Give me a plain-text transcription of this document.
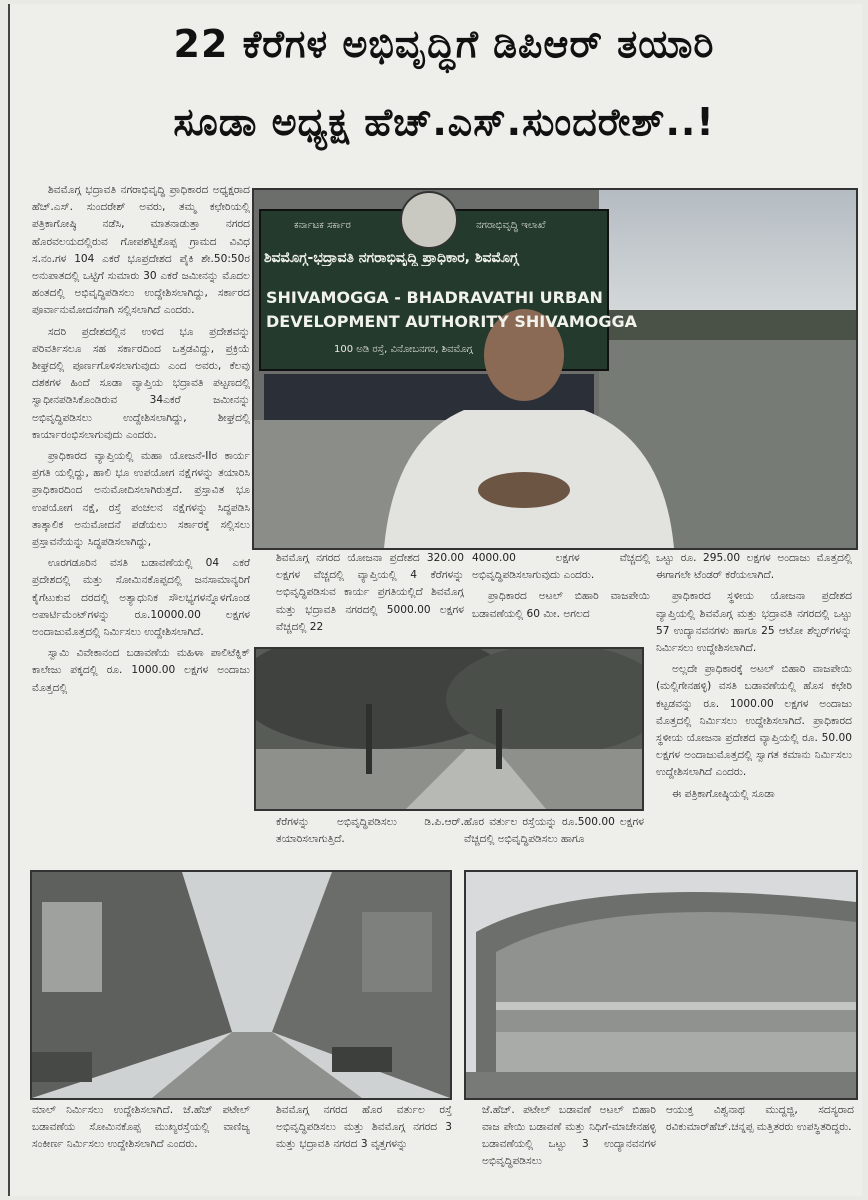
22 ಕೆರೆಗಳ ಅಭಿವೃದ್ಧಿಗೆ ಡಿಪಿಆರ್ ತಯಾರಿ
ಸೂಡಾ ಅಧ್ಯಕ್ಷ ಹೆಚ್.ಎಸ್.ಸುಂದರೇಶ್..!

ಶಿವಮೊಗ್ಗ ಭದ್ರಾವತಿ ನಗರಾಭಿವೃದ್ಧಿ ಪ್ರಾಧಿಕಾರದ ಅಧ್ಯಕ್ಷರಾದ ಹೆಚ್.ಎಸ್. ಸುಂದರೇಶ್ ಅವರು, ತಮ್ಮ ಕಛೇರಿಯಲ್ಲಿ ಪತ್ರಿಕಾಗೋಷ್ಠಿ ನಡೆಸಿ, ಮಾತನಾಡುತ್ತಾ ನಗರದ ಹೊರವಲಯದಲ್ಲಿರುವ ಗೋಪಶೆಟ್ಟಿಕೊಪ್ಪ ಗ್ರಾಮದ ವಿವಿಧ ಸ.ನಂ.ಗಳ 104 ಎಕರೆ ಭೂಪ್ರದೇಶದ ಪೈಕಿ ಶೇ.50:50ರ ಅನುಪಾತದಲ್ಲಿ ಒಟ್ಟಿಗೆ ಸುಮಾರು 30 ಎಕರೆ ಜಮೀನನ್ನು ಮೊದಲ ಹಂತದಲ್ಲಿ ಅಭಿವೃದ್ಧಿಪಡಿಸಲು ಉದ್ದೇಶಿಸಲಾಗಿದ್ದು, ಸರ್ಕಾರದ ಪೂರ್ವಾನುಮೋದನೆಗಾಗಿ ಸಲ್ಲಿಸಲಾಗಿದೆ ಎಂದರು.

ಸದರಿ ಪ್ರದೇಶದಲ್ಲಿನ ಉಳಿದ ಭೂ ಪ್ರದೇಶವನ್ನು ಪರಿವರ್ತಿಸಲೂ ಸಹ ಸರ್ಕಾರದಿಂದ ಒತ್ತಡವಿದ್ದು, ಪ್ರಕ್ರಿಯೆ ಶೀಘ್ರದಲ್ಲಿ ಪೂರ್ಣಗೊಳಿಸಲಾಗುವುದು ಎಂದ ಅವರು, ಕೆಲವು ದಶಕಗಳ ಹಿಂದೆ ಸೂಡಾ ವ್ಯಾಪ್ತಿಯ ಭದ್ರಾವತಿ ಪಟ್ಟಣದಲ್ಲಿ ಸ್ವಾಧೀನಪಡಿಸಿಕೊಂಡಿರುವ 34ಎಕರೆ ಜಮೀನನ್ನು ಅಭಿವೃದ್ಧಿಪಡಿಸಲು ಉದ್ದೇಶಿಸಲಾಗಿದ್ದು, ಶೀಘ್ರದಲ್ಲಿ ಕಾರ್ಯಾರಂಭಿಸಲಾಗುವುದು ಎಂದರು.

ಪ್ರಾಧಿಕಾರದ ವ್ಯಾಪ್ತಿಯಲ್ಲಿ ಮಹಾ ಯೋಜನೆ-IIರ ಕಾರ್ಯ ಪ್ರಗತಿ ಯಲ್ಲಿದ್ದು, ಹಾಲಿ ಭೂ ಉಪಯೋಗ ನಕ್ಷೆಗಳನ್ನು ತಯಾರಿಸಿ ಪ್ರಾಧಿಕಾರದಿಂದ ಅನುಮೋದಿಸಲಾಗಿರುತ್ತದೆ. ಪ್ರಸ್ತಾವಿತ ಭೂ ಉಪಯೋಗ ನಕ್ಷೆ, ರಸ್ತೆ ಪಂಚಲನ ನಕ್ಷೆಗಳನ್ನು ಸಿದ್ಧಪಡಿಸಿ ತಾತ್ಕಾಲಿಕ ಅನುಮೋದನೆ ಪಡೆಯಲು ಸರ್ಕಾರಕ್ಕೆ ಸಲ್ಲಿಸಲು ಪ್ರಸ್ತಾವನೆಯನ್ನು ಸಿದ್ಧಪಡಿಸಲಾಗಿದ್ದು,

ಊರಗಡೂರಿನ ವಸತಿ ಬಡಾವಣೆಯಲ್ಲಿ 04 ಎಕರೆ ಪ್ರದೇಶದಲ್ಲಿ ಮತ್ತು ಸೋಮಿನಕೊಪ್ಪದಲ್ಲಿ ಜನಸಾಮಾನ್ಯರಿಗೆ ಕೈಗೆಟುಕುವ ದರದಲ್ಲಿ ಅತ್ಯಾಧುನಿಕ ಸೌಲಭ್ಯಗಳನ್ನೊಳಗೊಂಡ ಅಪಾರ್ಟಿಮೆಂಟ್‌ಗಳನ್ನು ರೂ.10000.00 ಲಕ್ಷಗಳ ಅಂದಾಜುಮೊತ್ತದಲ್ಲಿ ನಿರ್ಮಿಸಲು ಉದ್ದೇಶಿಸಲಾಗಿದೆ.

ಸ್ವಾಮಿ ವಿವೇಕಾನಂದ ಬಡಾವಣೆಯ ಮಹಿಳಾ ಪಾಲಿಟೆಕ್ನಿಕ್ ಕಾಲೇಜು ಪಕ್ಕದಲ್ಲಿ ರೂ. 1000.00 ಲಕ್ಷಗಳ ಅಂದಾಜು ಮೊತ್ತದಲ್ಲಿ

ಕರ್ನಾಟಕ ಸರ್ಕಾರ	ನಗರಾಭಿವೃದ್ಧಿ ಇಲಾಖೆ
ಶಿವಮೊಗ್ಗ-ಭದ್ರಾವತಿ ನಗರಾಭಿವೃದ್ಧಿ ಪ್ರಾಧಿಕಾರ, ಶಿವಮೊಗ್ಗ
SHIVAMOGGA - BHADRAVATHI URBAN
DEVELOPMENT AUTHORITY SHIVAMOGGA
100 ಅಡಿ ರಸ್ತೆ, ವಿನೋಬನಗರ, ಶಿವಮೊಗ್ಗ

ಶಿವಮೊಗ್ಗ ನಗರದ ಯೋಜನಾ ಪ್ರದೇಶದ 320.00 ಲಕ್ಷಗಳ ವೆಚ್ಚದಲ್ಲಿ ವ್ಯಾಪ್ತಿಯಲ್ಲಿ 4 ಕೆರೆಗಳನ್ನು ಅಭಿವೃದ್ಧಿಪಡಿಸುವ ಕಾರ್ಯ ಪ್ರಗತಿಯಲ್ಲಿದೆ ಶಿವಮೊಗ್ಗ ಮತ್ತು ಭದ್ರಾವತಿ ನಗರದಲ್ಲಿ 5000.00 ಲಕ್ಷಗಳ ವೆಚ್ಚದಲ್ಲಿ 22

4000.00 ಲಕ್ಷಗಳ ವೆಚ್ಚದಲ್ಲಿ ಅಭಿವೃದ್ಧಿಪಡಿಸಲಾಗುವುದು ಎಂದರು.

ಪ್ರಾಧಿಕಾರದ ಅಟಲ್ ಬಿಹಾರಿ ವಾಜಪೇಯಿ ಬಡಾವಣೆಯಲ್ಲಿ 60 ಮೀ. ಅಗಲದ

ಕೆರೆಗಳನ್ನು ಅಭಿವೃದ್ಧಿಪಡಿಸಲು ಡಿ.ಪಿ.ಆರ್. ತಯಾರಿಸಲಾಗುತ್ತಿದೆ.

ಹೊರ ವರ್ತುಲ ರಸ್ತೆಯನ್ನು ರೂ.500.00 ಲಕ್ಷಗಳ ವೆಚ್ಚದಲ್ಲಿ ಅಭಿವೃದ್ಧಿಪಡಿಸಲು ಹಾಗೂ

ಒಟ್ಟು ರೂ. 295.00 ಲಕ್ಷಗಳ ಅಂದಾಜು ಮೊತ್ತದಲ್ಲಿ ಈಗಾಗಲೇ ಟೆಂಡರ್ ಕರೆಯಲಾಗಿದೆ.

ಪ್ರಾಧಿಕಾರದ ಸ್ಥಳೀಯ ಯೋಜನಾ ಪ್ರದೇಶದ ವ್ಯಾಪ್ತಿಯಲ್ಲಿ ಶಿವಮೊಗ್ಗ ಮತ್ತು ಭದ್ರಾವತಿ ನಗರದಲ್ಲಿ ಒಟ್ಟು 57 ಉದ್ಯಾನವನಗಳು ಹಾಗೂ 25 ಆಟೋ ಶೆಲ್ಟರ್‌ಗಳನ್ನು ನಿರ್ಮಿಸಲು ಉದ್ದೇಶಿಸಲಾಗಿದೆ.

ಅಲ್ಲದೇ ಪ್ರಾಧಿಕಾರಕ್ಕೆ ಅಟಲ್ ಬಿಹಾರಿ ವಾಜಪೇಯಿ (ಮಲ್ಲಿಗೇನಹಳ್ಳಿ) ವಸತಿ ಬಡಾವಣೆಯಲ್ಲಿ ಹೊಸ ಕಛೇರಿ ಕಟ್ಟಡವನ್ನು ರೂ. 1000.00 ಲಕ್ಷಗಳ ಅಂದಾಜು ಮೊತ್ತದಲ್ಲಿ ನಿರ್ಮಿಸಲು ಉದ್ದೇಶಿಸಲಾಗಿದೆ. ಪ್ರಾಧಿಕಾರದ ಸ್ಥಳೀಯ ಯೋಜನಾ ಪ್ರದೇಶದ ವ್ಯಾಪ್ತಿಯಲ್ಲಿ ರೂ. 50.00 ಲಕ್ಷಗಳ ಅಂದಾಜುಮೊತ್ತದಲ್ಲಿ ಸ್ವಾಗತ ಕಮಾನು ನಿರ್ಮಿಸಲು ಉದ್ದೇಶಿಸಲಾಗಿದೆ ಎಂದರು.

ಈ ಪತ್ರಿಕಾಗೋಷ್ಠಿಯಲ್ಲಿ ಸೂಡಾ

ಮಾಲ್ ನಿರ್ಮಿಸಲು ಉದ್ದೇಶಿಸಲಾಗಿದೆ. ಜೆ.ಹೆಚ್ ಪಟೇಲ್ ಬಡಾವಣೆಯ ಸೋಮಿನಕೊಪ್ಪ ಮುಖ್ಯರಸ್ತೆಯಲ್ಲಿ ವಾಣಿಜ್ಯ ಸಂಕೀರ್ಣ ನಿರ್ಮಿಸಲು ಉದ್ದೇಶಿಸಲಾಗಿದೆ ಎಂದರು.
ಶಿವಮೊಗ್ಗ ನಗರದ ಹೊರ ವರ್ತುಲ ರಸ್ತೆ ಅಭಿವೃದ್ಧಿಪಡಿಸಲು ಮತ್ತು ಶಿವಮೊಗ್ಗ ನಗರದ 3 ಮತ್ತು ಭದ್ರಾವತಿ ನಗರದ 3 ವೃತ್ತಗಳನ್ನು
ಜೆ.ಹೆಚ್. ಪಟೇಲ್ ಬಡಾವಣೆ ಅಟಲ್ ಬಿಹಾರಿ ವಾಜ ಪೇಯಿ ಬಡಾವಣೆ ಮತ್ತು ನಿಧಿಗೆ-ಮಾಚೇನಹಳ್ಳಿ ಬಡಾವಣೆಯಲ್ಲಿ ಒಟ್ಟು 3 ಉದ್ಯಾನವನಗಳ ಅಭಿವೃದ್ಧಿಪಡಿಸಲು
ಆಯುಕ್ತ ವಿಶ್ವನಾಥ ಮುದ್ದಜ್ಜಿ, ಸದಸ್ಯರಾದ ರವಿಕುಮಾರ್‌ಹೆಚ್.ಚನ್ನಪ್ಪ ಮತ್ತಿತರರು ಉಪಸ್ಥಿತರಿದ್ದರು.
